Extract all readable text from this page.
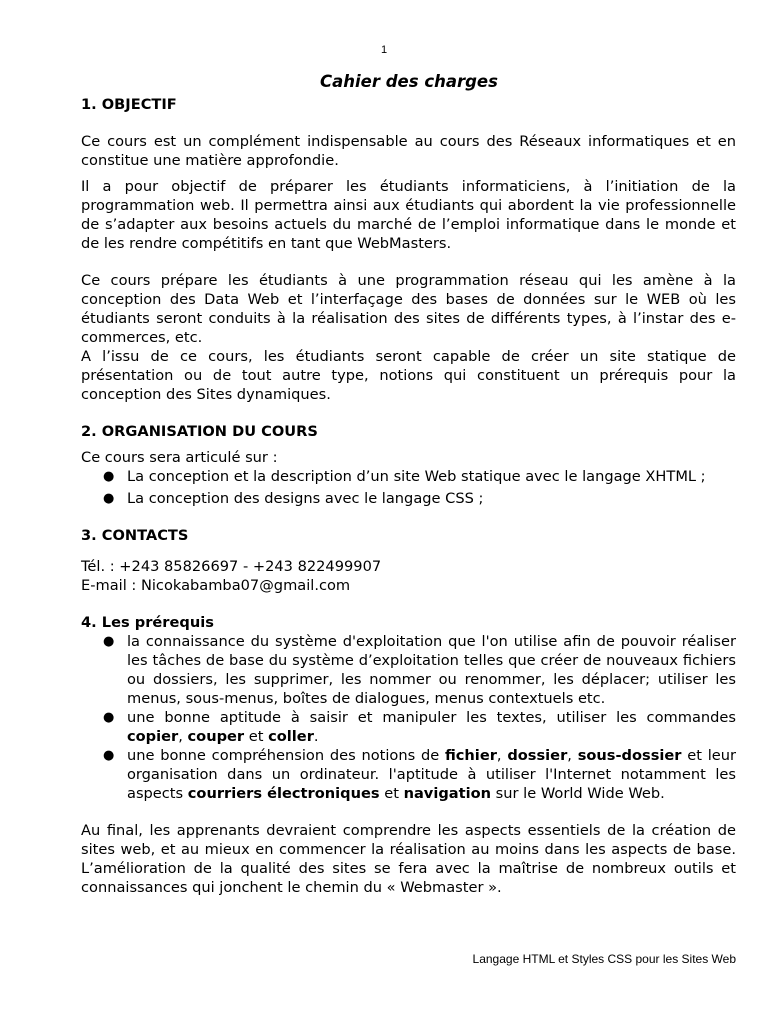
1
Cahier des charges
1. OBJECTIF

Ce cours est un complément indispensable au cours des Réseaux informatiques et en constitue une matière approfondie.

Il a pour objectif de préparer les étudiants informaticiens, à l’initiation de la programmation web. Il permettra ainsi aux étudiants qui abordent la vie professionnelle de s’adapter aux besoins actuels du marché de l’emploi informatique dans le monde et de les rendre compétitifs en tant que WebMasters.

Ce cours prépare les étudiants à une programmation réseau qui les amène à la conception des Data Web et l’interfaçage des bases de données sur le WEB où les étudiants seront conduits à la réalisation des sites de différents types, à l’instar des e-commerces, etc.

A l’issu de ce cours, les étudiants seront capable de créer un site statique de présentation ou de tout autre type, notions qui constituent un prérequis pour la conception des Sites dynamiques.

2. ORGANISATION DU COURS

Ce cours sera articulé sur :

● La conception et la description d’un site Web statique avec le langage XHTML ;
● La conception des designs avec le langage CSS ;
3. CONTACTS

Tél. : +243 85826697 - +243 822499907

E-mail : Nicokabamba07@gmail.com

4. Les prérequis
● la connaissance du système d'exploitation que l'on utilise afin de pouvoir réaliser les tâches de base du système d’exploitation telles que créer de nouveaux fichiers ou dossiers, les supprimer, les nommer ou renommer, les déplacer; utiliser les menus, sous-menus, boîtes de dialogues, menus contextuels etc.
● une bonne aptitude à saisir et manipuler les textes, utiliser les commandes copier, couper et coller.
● une bonne compréhension des notions de fichier, dossier, sous-dossier et leur organisation dans un ordinateur. l'aptitude à utiliser l'Internet notamment les aspects courriers électroniques et navigation sur le World Wide Web.

Au final, les apprenants devraient comprendre les aspects essentiels de la création de sites web, et au mieux en commencer la réalisation au moins dans les aspects de base. L’amélioration de la qualité des sites se fera avec la maîtrise de nombreux outils et connaissances qui jonchent le chemin du « Webmaster ».

Langage HTML et Styles CSS pour les Sites Web
